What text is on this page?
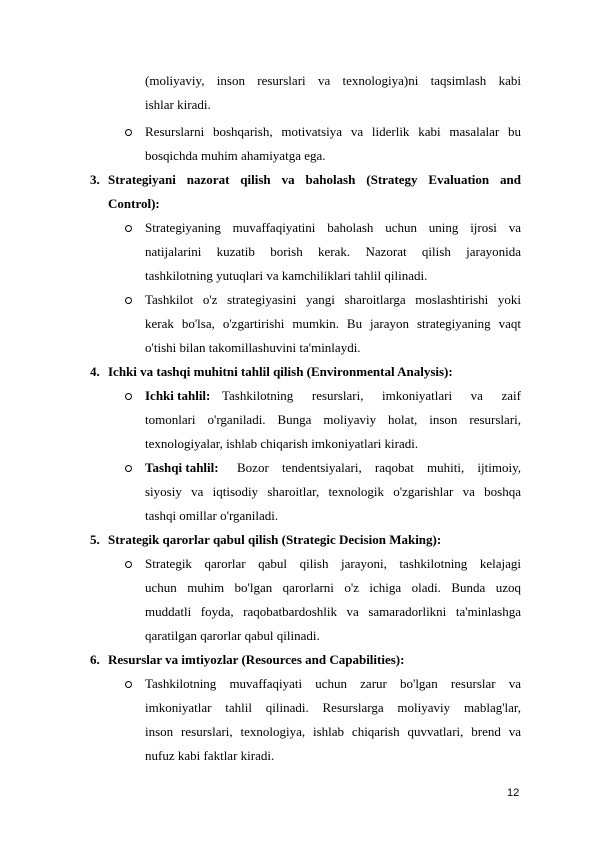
(moliyaviy, inson resurslari va texnologiya)ni taqsimlash kabi
ishlar kiradi.
Resurslarni boshqarish, motivatsiya va liderlik kabi masalalar bu
bosqichda muhim ahamiyatga ega.
3. Strategiyani nazorat qilish va baholash (Strategy Evaluation and
Control):
Strategiyaning muvaffaqiyatini baholash uchun uning ijrosi va
natijalarini kuzatib borish kerak. Nazorat qilish jarayonida
tashkilotning yutuqlari va kamchiliklari tahlil qilinadi.
Tashkilot o'z strategiyasini yangi sharoitlarga moslashtirishi yoki
kerak bo'lsa, o'zgartirishi mumkin. Bu jarayon strategiyaning vaqt
o'tishi bilan takomillashuvini ta'minlaydi.
4. Ichki va tashqi muhitni tahlil qilish (Environmental Analysis):
Ichki tahlil: Tashkilotning resurslari, imkoniyatlari va zaif
tomonlari o'rganiladi. Bunga moliyaviy holat, inson resurslari,
texnologiyalar, ishlab chiqarish imkoniyatlari kiradi.
Tashqi tahlil: Bozor tendentsiyalari, raqobat muhiti, ijtimoiy,
siyosiy va iqtisodiy sharoitlar, texnologik o'zgarishlar va boshqa
tashqi omillar o'rganiladi.
5. Strategik qarorlar qabul qilish (Strategic Decision Making):
Strategik qarorlar qabul qilish jarayoni, tashkilotning kelajagi
uchun muhim bo'lgan qarorlarni o'z ichiga oladi. Bunda uzoq
muddatli foyda, raqobatbardoshlik va samaradorlikni ta'minlashga
qaratilgan qarorlar qabul qilinadi.
6. Resurslar va imtiyozlar (Resources and Capabilities):
Tashkilotning muvaffaqiyati uchun zarur bo'lgan resurslar va
imkoniyatlar tahlil qilinadi. Resurslarga moliyaviy mablag'lar,
inson resurslari, texnologiya, ishlab chiqarish quvvatlari, brend va
nufuz kabi faktlar kiradi.
12
